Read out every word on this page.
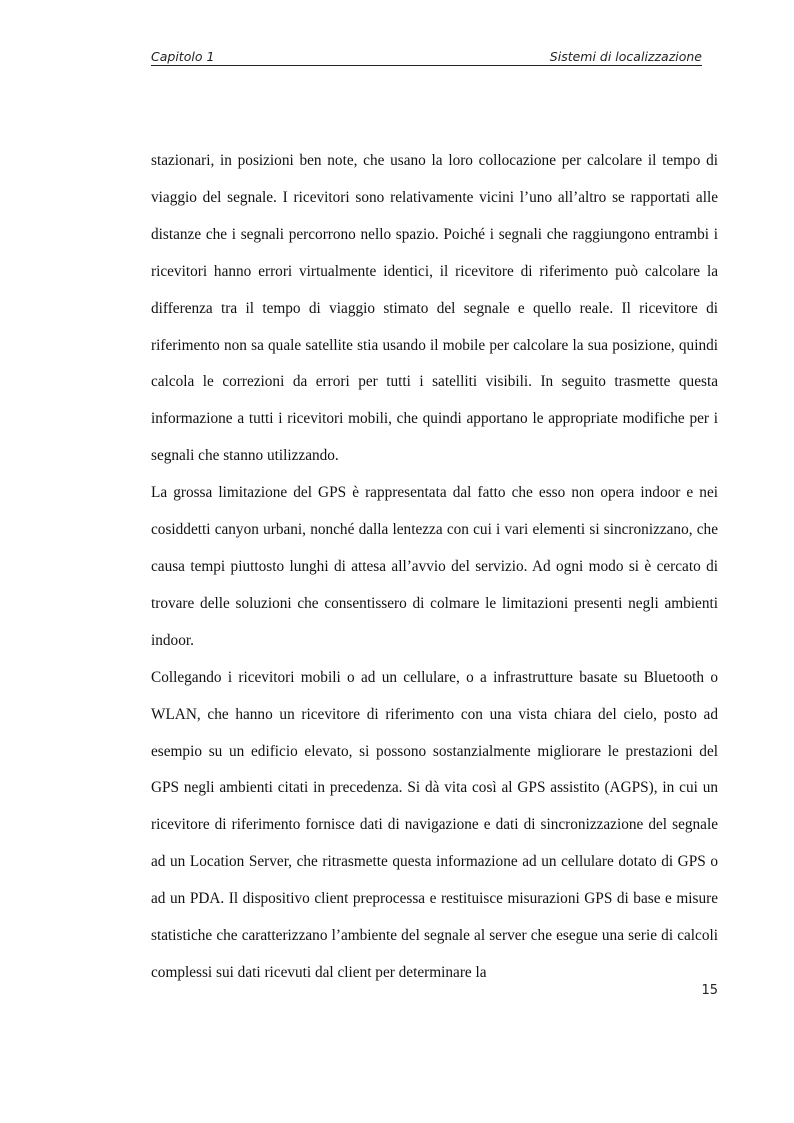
Capitolo 1	Sistemi di localizzazione

stazionari, in posizioni ben note, che usano la loro collocazione per calcolare il tempo di viaggio del segnale. I ricevitori sono relativamente vicini l’uno all’altro se rapportati alle distanze che i segnali percorrono nello spazio. Poiché i segnali che raggiungono entrambi i ricevitori hanno errori virtualmente identici, il ricevitore di riferimento può calcolare la differenza tra il tempo di viaggio stimato del segnale e quello reale. Il ricevitore di riferimento non sa quale satellite stia usando il mobile per calcolare la sua posizione, quindi calcola le correzioni da errori per tutti i satelliti visibili. In seguito trasmette questa informazione a tutti i ricevitori mobili, che quindi apportano le appropriate modifiche per i segnali che stanno utilizzando.

La grossa limitazione del GPS è rappresentata dal fatto che esso non opera indoor e nei cosiddetti canyon urbani, nonché dalla lentezza con cui i vari elementi si sincronizzano, che causa tempi piuttosto lunghi di attesa all’avvio del servizio. Ad ogni modo si è cercato di trovare delle soluzioni che consentissero di colmare le limitazioni presenti negli ambienti indoor.

Collegando i ricevitori mobili o ad un cellulare, o a infrastrutture basate su Bluetooth o WLAN, che hanno un ricevitore di riferimento con una vista chiara del cielo, posto ad esempio su un edificio elevato, si possono sostanzialmente migliorare le prestazioni del GPS negli ambienti citati in precedenza. Si dà vita così al GPS assistito (AGPS), in cui un ricevitore di riferimento fornisce dati di navigazione e dati di sincronizzazione del segnale ad un Location Server, che ritrasmette questa informazione ad un cellulare dotato di GPS o ad un PDA. Il dispositivo client preprocessa e restituisce misurazioni GPS di base e misure statistiche che caratterizzano l’ambiente del segnale al server che esegue una serie di calcoli complessi sui dati ricevuti dal client per determinare la

15
